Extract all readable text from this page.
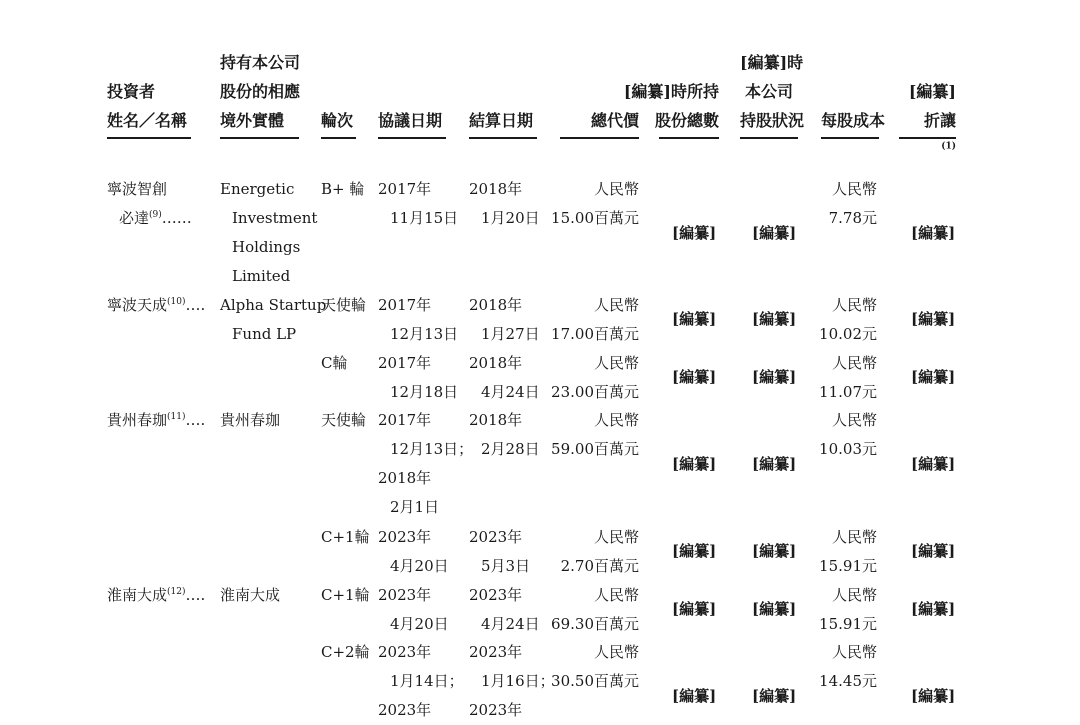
投資者
姓名／名稱
持有本公司
股份的相應
境外實體	輪次 協議日期 結算日期	總代價
[編纂]時所持
股份總數
[編纂]時
本公司
持股狀況 每股成本
[編纂]
折讓
$^{(1)}$
寧波智創
必達$^{(9)}$……
Energetic
Investment
Holdings
Limited
寧波天成$^{(10)}$…. Alpha Startup
Fund LP
貴州春珈$^{(11)}$…. 貴州春珈
淮南大成$^{(12)}$…. 淮南大成
B+ 輪 2017年
11月15日
2018年
1月20日
人民幣
15.00百萬元
[編纂] [編纂]
人民幣
7.78元
[編纂]
天使輪 2017年
12月13日
2018年
1月27日
人民幣
17.00百萬元
[編纂] [編纂]
人民幣
10.02元
[編纂]
C輪 2017年
12月18日
2018年
4月24日
人民幣
23.00百萬元
[編纂] [編纂]
人民幣
11.07元
[編纂]
天使輪 2017年
12月13日；
2018年
2月1日
2018年
2月28日
人民幣
59.00百萬元
[編纂] [編纂]
人民幣
10.03元
[編纂]
C+1輪 2023年
4月20日
2023年
5月3日
人民幣
2.70百萬元
[編纂] [編纂]
人民幣
15.91元
[編纂]
C+1輪 2023年
4月20日
2023年
4月24日
人民幣
69.30百萬元
[編纂] [編纂]
人民幣
15.91元
[編纂]
C+2輪 2023年
1月14日；
2023年
2023年
1月16日；
2023年
人民幣
30.50百萬元
[編纂] [編纂]
人民幣
14.45元
[編纂]
